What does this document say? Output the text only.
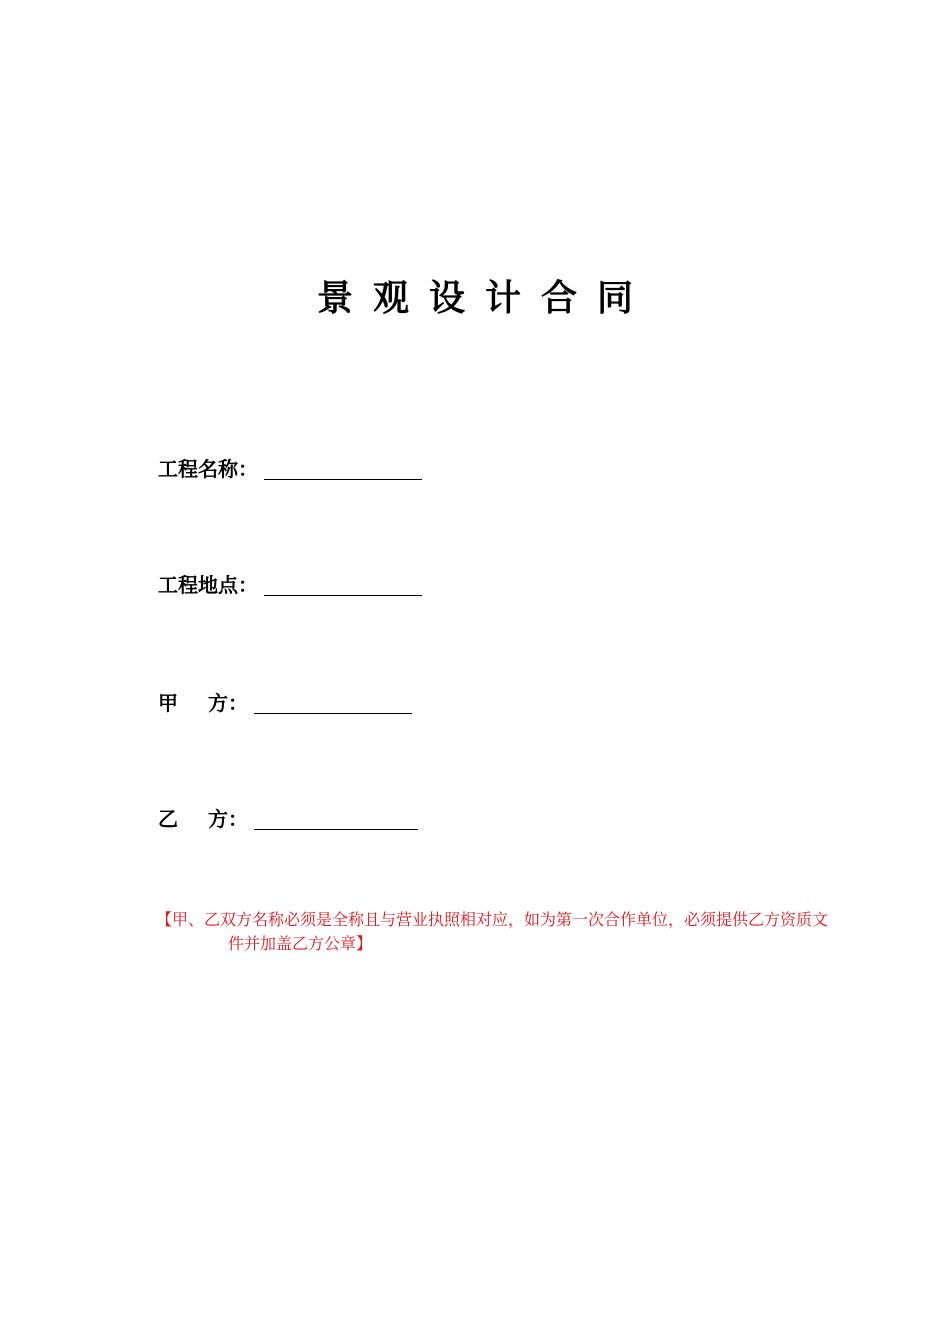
景观设计合同
工程名称：
工程地点：
甲 方：
乙 方：
【甲、乙双方名称必须是全称且与营业执照相对应，如为第一次合作单位，必须提供乙方资质文
件并加盖乙方公章】
